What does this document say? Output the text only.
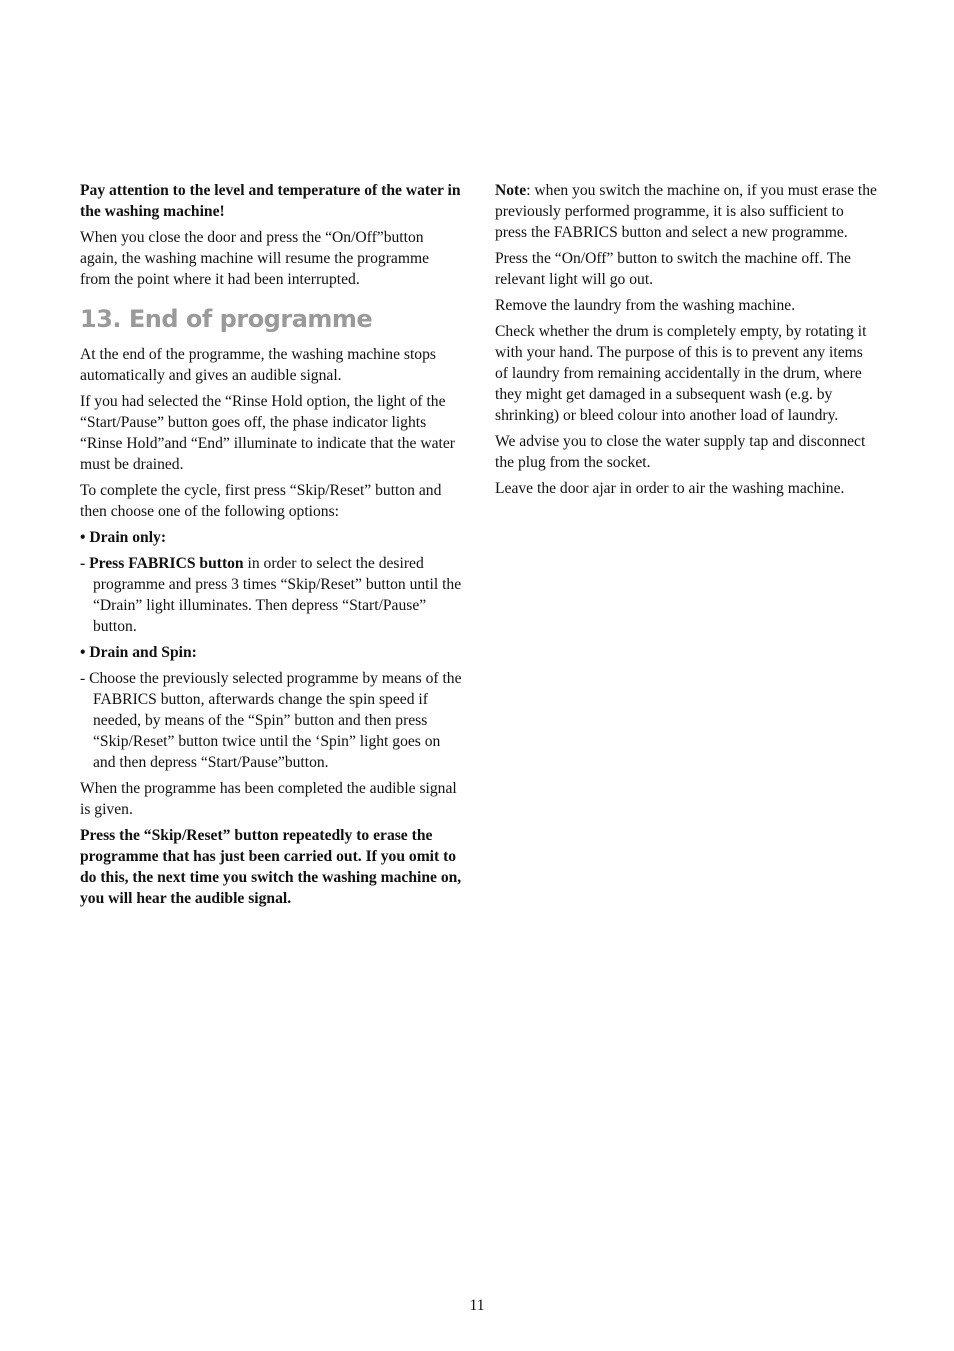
Pay attention to the level and temperature of the water in the washing machine!

When you close the door and press the “On/Off”button again, the washing machine will resume the programme from the point where it had been interrupted.

13. End of programme

At the end of the programme, the washing machine stops automatically and gives an audible signal.

If you had selected the “Rinse Hold option, the light of the “Start/Pause” button goes off, the phase indicator lights “Rinse Hold”and “End” illuminate to indicate that the water must be drained.

To complete the cycle, first press “Skip/Reset” button and then choose one of the following options:

• Drain only:

- Press FABRICS button in order to select the desired programme and press 3 times “Skip/Reset” button until the “Drain” light illuminates. Then depress “Start/Pause” button.

• Drain and Spin:

- Choose the previously selected programme by means of the FABRICS button, afterwards change the spin speed if needed, by means of the “Spin” button and then press “Skip/Reset” button twice until the ‘Spin” light goes on and then depress “Start/Pause”button.

When the programme has been completed the audible signal is given.

Press the “Skip/Reset” button repeatedly to erase the programme that has just been carried out. If you omit to do this, the next time you switch the washing machine on, you will hear the audible signal.

Note: when you switch the machine on, if you must erase the previously performed programme, it is also sufficient to press the FABRICS button and select a new programme.

Press the “On/Off” button to switch the machine off. The relevant light will go out.

Remove the laundry from the washing machine.

Check whether the drum is completely empty, by rotating it with your hand. The purpose of this is to prevent any items of laundry from remaining accidentally in the drum, where they might get damaged in a subsequent wash (e.g. by shrinking) or bleed colour into another load of laundry.

We advise you to close the water supply tap and disconnect the plug from the socket.

Leave the door ajar in order to air the washing machine.

11
